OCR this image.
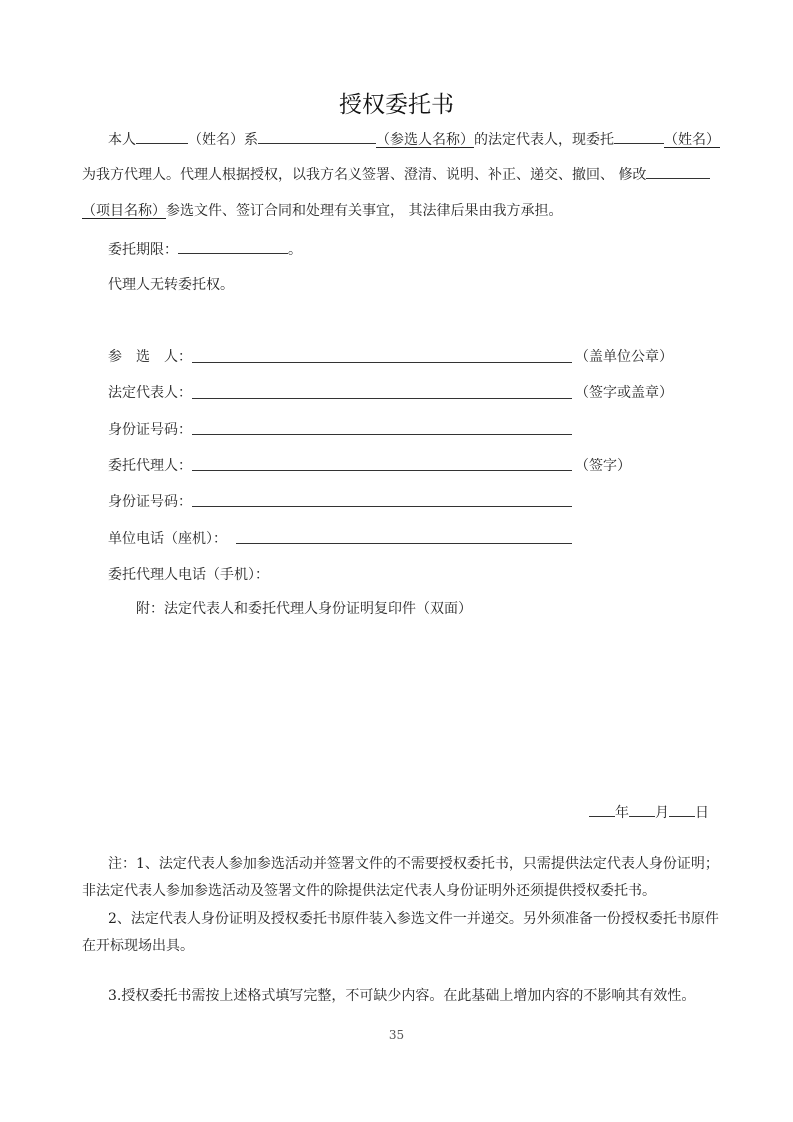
授权委托书
本人	（姓名）系	（参选人名称）的法定代表人，现委托	（姓名）
为我方代理人。代理人根据授权，以我方名义签署、澄清、说明、补正、递交、撤回、 修改
（项目名称）参选文件、签订合同和处理有关事宜， 其法律后果由我方承担。
委托期限：	。
代理人无转委托权。
参　选　人：	（盖单位公章）
法定代表人：	（签字或盖章）
身份证号码：
委托代理人：	（签字）
身份证号码：
单位电话（座机）：
委托代理人电话（手机）：
附：法定代表人和委托代理人身份证明复印件（双面）
年 月 日
注：1、法定代表人参加参选活动并签署文件的不需要授权委托书，只需提供法定代表人身份证明；
非法定代表人参加参选活动及签署文件的除提供法定代表人身份证明外还须提供授权委托书。
2、法定代表人身份证明及授权委托书原件装入参选文件一并递交。另外须准备一份授权委托书原件
在开标现场出具。
3.授权委托书需按上述格式填写完整，不可缺少内容。在此基础上增加内容的不影响其有效性。
35
